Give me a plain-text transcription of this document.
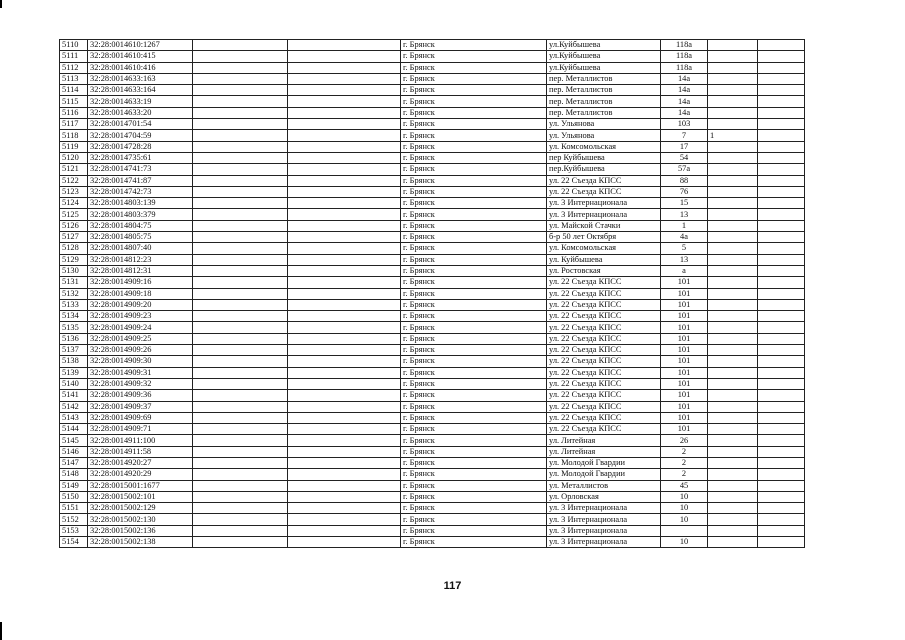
5110	32:28:0014610:1267			г. Брянск	ул.Куйбышева	118а		
5111	32:28:0014610:415			г. Брянск	ул.Куйбышева	118а		
5112	32:28:0014610:416			г. Брянск	ул.Куйбышева	118а		
5113	32:28:0014633:163			г. Брянск	пер. Металлистов	14а		
5114	32:28:0014633:164			г. Брянск	пер. Металлистов	14а		
5115	32:28:0014633:19			г. Брянск	пер. Металлистов	14а		
5116	32:28:0014633:20			г. Брянск	пер. Металлистов	14а		
5117	32:28:0014701:54			г. Брянск	ул. Ульянова	103		
5118	32:28:0014704:59			г. Брянск	ул. Ульянова	7	1	
5119	32:28:0014728:28			г. Брянск	ул. Комсомольская	17		
5120	32:28:0014735:61			г. Брянск	пер Куйбышева	54		
5121	32:28:0014741:73			г. Брянск	пер.Куйбышева	57а		
5122	32:28:0014741:87			г. Брянск	ул. 22 Съезда КПСС	88		
5123	32:28:0014742:73			г. Брянск	ул. 22 Съезда КПСС	76		
5124	32:28:0014803:139			г. Брянск	ул. 3 Интернационала	15		
5125	32:28:0014803:379			г. Брянск	ул. 3 Интернационала	13		
5126	32:28:0014804:75			г. Брянск	ул. Майской Стачки	1		
5127	32:28:0014805:75			г. Брянск	б-р 50 лет Октября	4а		
5128	32:28:0014807:40			г. Брянск	ул. Комсомольская	5		
5129	32:28:0014812:23			г. Брянск	ул. Куйбышева	13		
5130	32:28:0014812:31			г. Брянск	ул. Ростовская	а		
5131	32:28:0014909:16			г. Брянск	ул. 22 Съезда КПСС	101		
5132	32:28:0014909:18			г. Брянск	ул. 22 Съезда КПСС	101		
5133	32:28:0014909:20			г. Брянск	ул. 22 Съезда КПСС	101		
5134	32:28:0014909:23			г. Брянск	ул. 22 Съезда КПСС	101		
5135	32:28:0014909:24			г. Брянск	ул. 22 Съезда КПСС	101		
5136	32:28:0014909:25			г. Брянск	ул. 22 Съезда КПСС	101		
5137	32:28:0014909:26			г. Брянск	ул. 22 Съезда КПСС	101		
5138	32:28:0014909:30			г. Брянск	ул. 22 Съезда КПСС	101		
5139	32:28:0014909:31			г. Брянск	ул. 22 Съезда КПСС	101		
5140	32:28:0014909:32			г. Брянск	ул. 22 Съезда КПСС	101		
5141	32:28:0014909:36			г. Брянск	ул. 22 Съезда КПСС	101		
5142	32:28:0014909:37			г. Брянск	ул. 22 Съезда КПСС	101		
5143	32:28:0014909:69			г. Брянск	ул. 22 Съезда КПСС	101		
5144	32:28:0014909:71			г. Брянск	ул. 22 Съезда КПСС	101		
5145	32:28:0014911:100			г. Брянск	ул. Литейная	26		
5146	32:28:0014911:58			г. Брянск	ул. Литейная	2		
5147	32:28:0014920:27			г. Брянск	ул. Молодой Гвардии	2		
5148	32:28:0014920:29			г. Брянск	ул. Молодой Гвардии	2		
5149	32:28:0015001:1677			г. Брянск	ул. Металлистов	45		
5150	32:28:0015002:101			г. Брянск	ул. Орловская	10		
5151	32:28:0015002:129			г. Брянск	ул. 3 Интернационала	10		
5152	32:28:0015002:130			г. Брянск	ул. 3 Интернационала	10		
5153	32:28:0015002:136			г. Брянск	ул. 3 Интернационала			
5154	32:28:0015002:138			г. Брянск	ул. 3 Интернационала	10		
117
